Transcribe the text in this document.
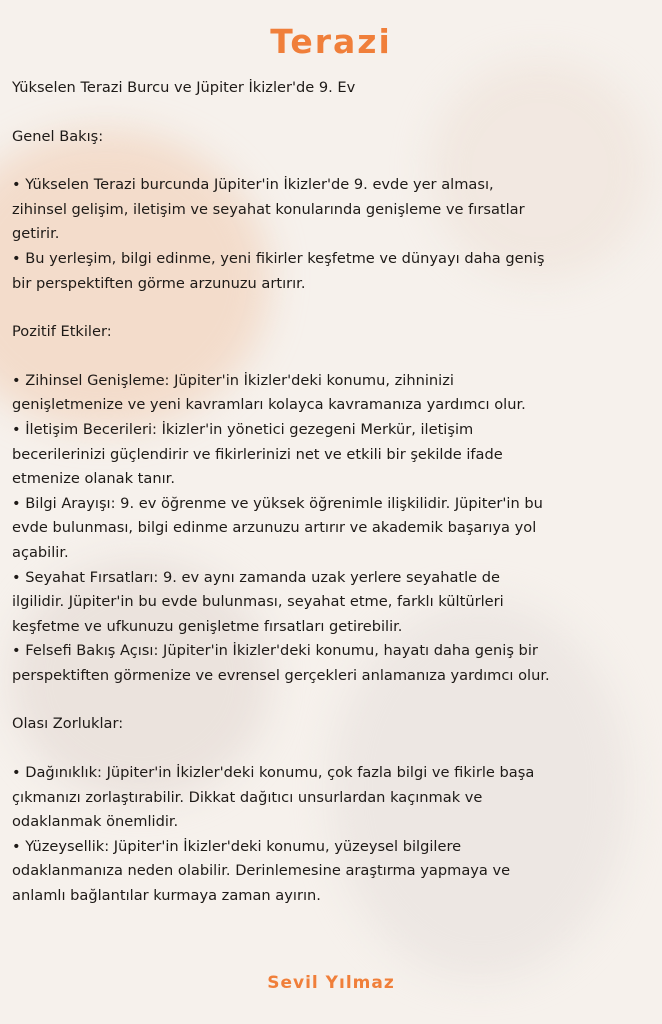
Terazi

Yükselen Terazi Burcu ve Jüpiter İkizler'de 9. Ev

Genel Bakış:

• Yükselen Terazi burcunda Jüpiter'in İkizler'de 9. evde yer alması,

zihinsel gelişim, iletişim ve seyahat konularında genişleme ve fırsatlar

getirir.

• Bu yerleşim, bilgi edinme, yeni fikirler keşfetme ve dünyayı daha geniş

bir perspektiften görme arzunuzu artırır.

Pozitif Etkiler:

• Zihinsel Genişleme: Jüpiter'in İkizler'deki konumu, zihninizi

genişletmenize ve yeni kavramları kolayca kavramanıza yardımcı olur.

• İletişim Becerileri: İkizler'in yönetici gezegeni Merkür, iletişim

becerilerinizi güçlendirir ve fikirlerinizi net ve etkili bir şekilde ifade

etmenize olanak tanır.

• Bilgi Arayışı: 9. ev öğrenme ve yüksek öğrenimle ilişkilidir. Jüpiter'in bu

evde bulunması, bilgi edinme arzunuzu artırır ve akademik başarıya yol

açabilir.

• Seyahat Fırsatları: 9. ev aynı zamanda uzak yerlere seyahatle de

ilgilidir. Jüpiter'in bu evde bulunması, seyahat etme, farklı kültürleri

keşfetme ve ufkunuzu genişletme fırsatları getirebilir.

• Felsefi Bakış Açısı: Jüpiter'in İkizler'deki konumu, hayatı daha geniş bir

perspektiften görmenize ve evrensel gerçekleri anlamanıza yardımcı olur.

Olası Zorluklar:

• Dağınıklık: Jüpiter'in İkizler'deki konumu, çok fazla bilgi ve fikirle başa

çıkmanızı zorlaştırabilir. Dikkat dağıtıcı unsurlardan kaçınmak ve

odaklanmak önemlidir.

• Yüzeysellik: Jüpiter'in İkizler'deki konumu, yüzeysel bilgilere

odaklanmanıza neden olabilir. Derinlemesine araştırma yapmaya ve

anlamlı bağlantılar kurmaya zaman ayırın.

Sevil Yılmaz
